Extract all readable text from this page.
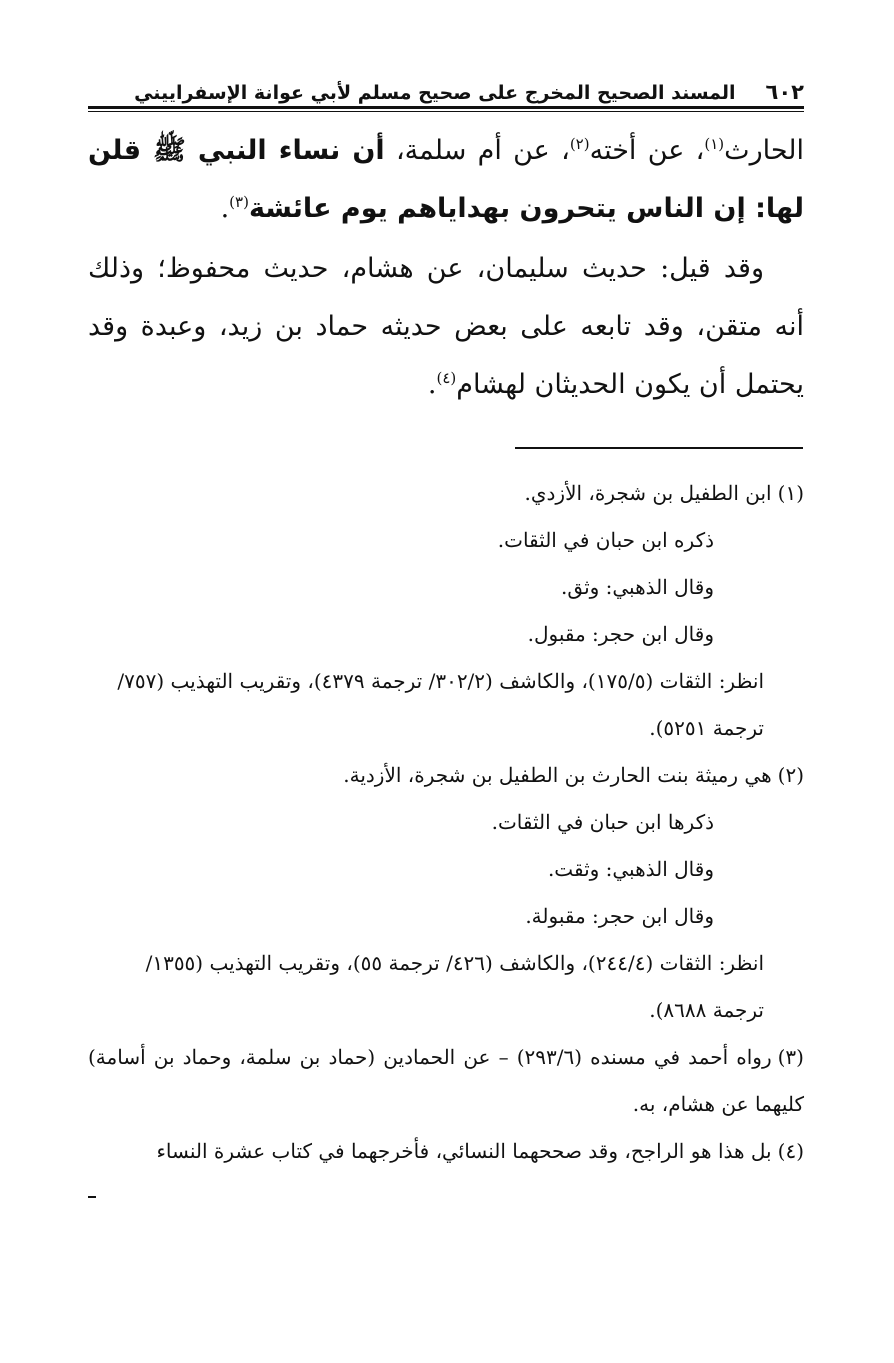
٦٠٢
المسند الصحيح المخرج على صحيح مسلم لأبي عوانة الإسفراييني

الحارث$^{(١)}$، عن أخته$^{(٢)}$، عن أم سلمة، أن نساء النبي ﷺ قلن لها: إن الناس يتحرون بهداياهم يوم عائشة$^{(٣)}$.

وقد قيل: حديث سليمان، عن هشام، حديث محفوظ؛ وذلك أنه متقن، وقد تابعه على بعض حديثه حماد بن زيد، وعبدة وقد يحتمل أن يكون الحديثان لهشام$^{(٤)}$.

(١)ابن الطفيل بن شجرة، الأزدي.

ذكره ابن حبان في الثقات.

وقال الذهبي: وثق.

وقال ابن حجر: مقبول.

انظر: الثقات (١٧٥/٥)، والكاشف (٣٠٢/٢/ ترجمة ٤٣٧٩)، وتقريب التهذيب (٧٥٧/ ترجمة ٥٢٥١).

(٢)هي رميثة بنت الحارث بن الطفيل بن شجرة، الأزدية.

ذكرها ابن حبان في الثقات.

وقال الذهبي: وثقت.

وقال ابن حجر: مقبولة.

انظر: الثقات (٢٤٤/٤)، والكاشف (٤٢٦/ ترجمة ٥٥)، وتقريب التهذيب (١٣٥٥/ ترجمة ٨٦٨٨).

(٣)رواه أحمد في مسنده (٢٩٣/٦) – عن الحمادين (حماد بن سلمة، وحماد بن أسامة) كليهما عن هشام، به.

(٤)بل هذا هو الراجح، وقد صححهما النسائي، فأخرجهما في كتاب عشرة النساء
